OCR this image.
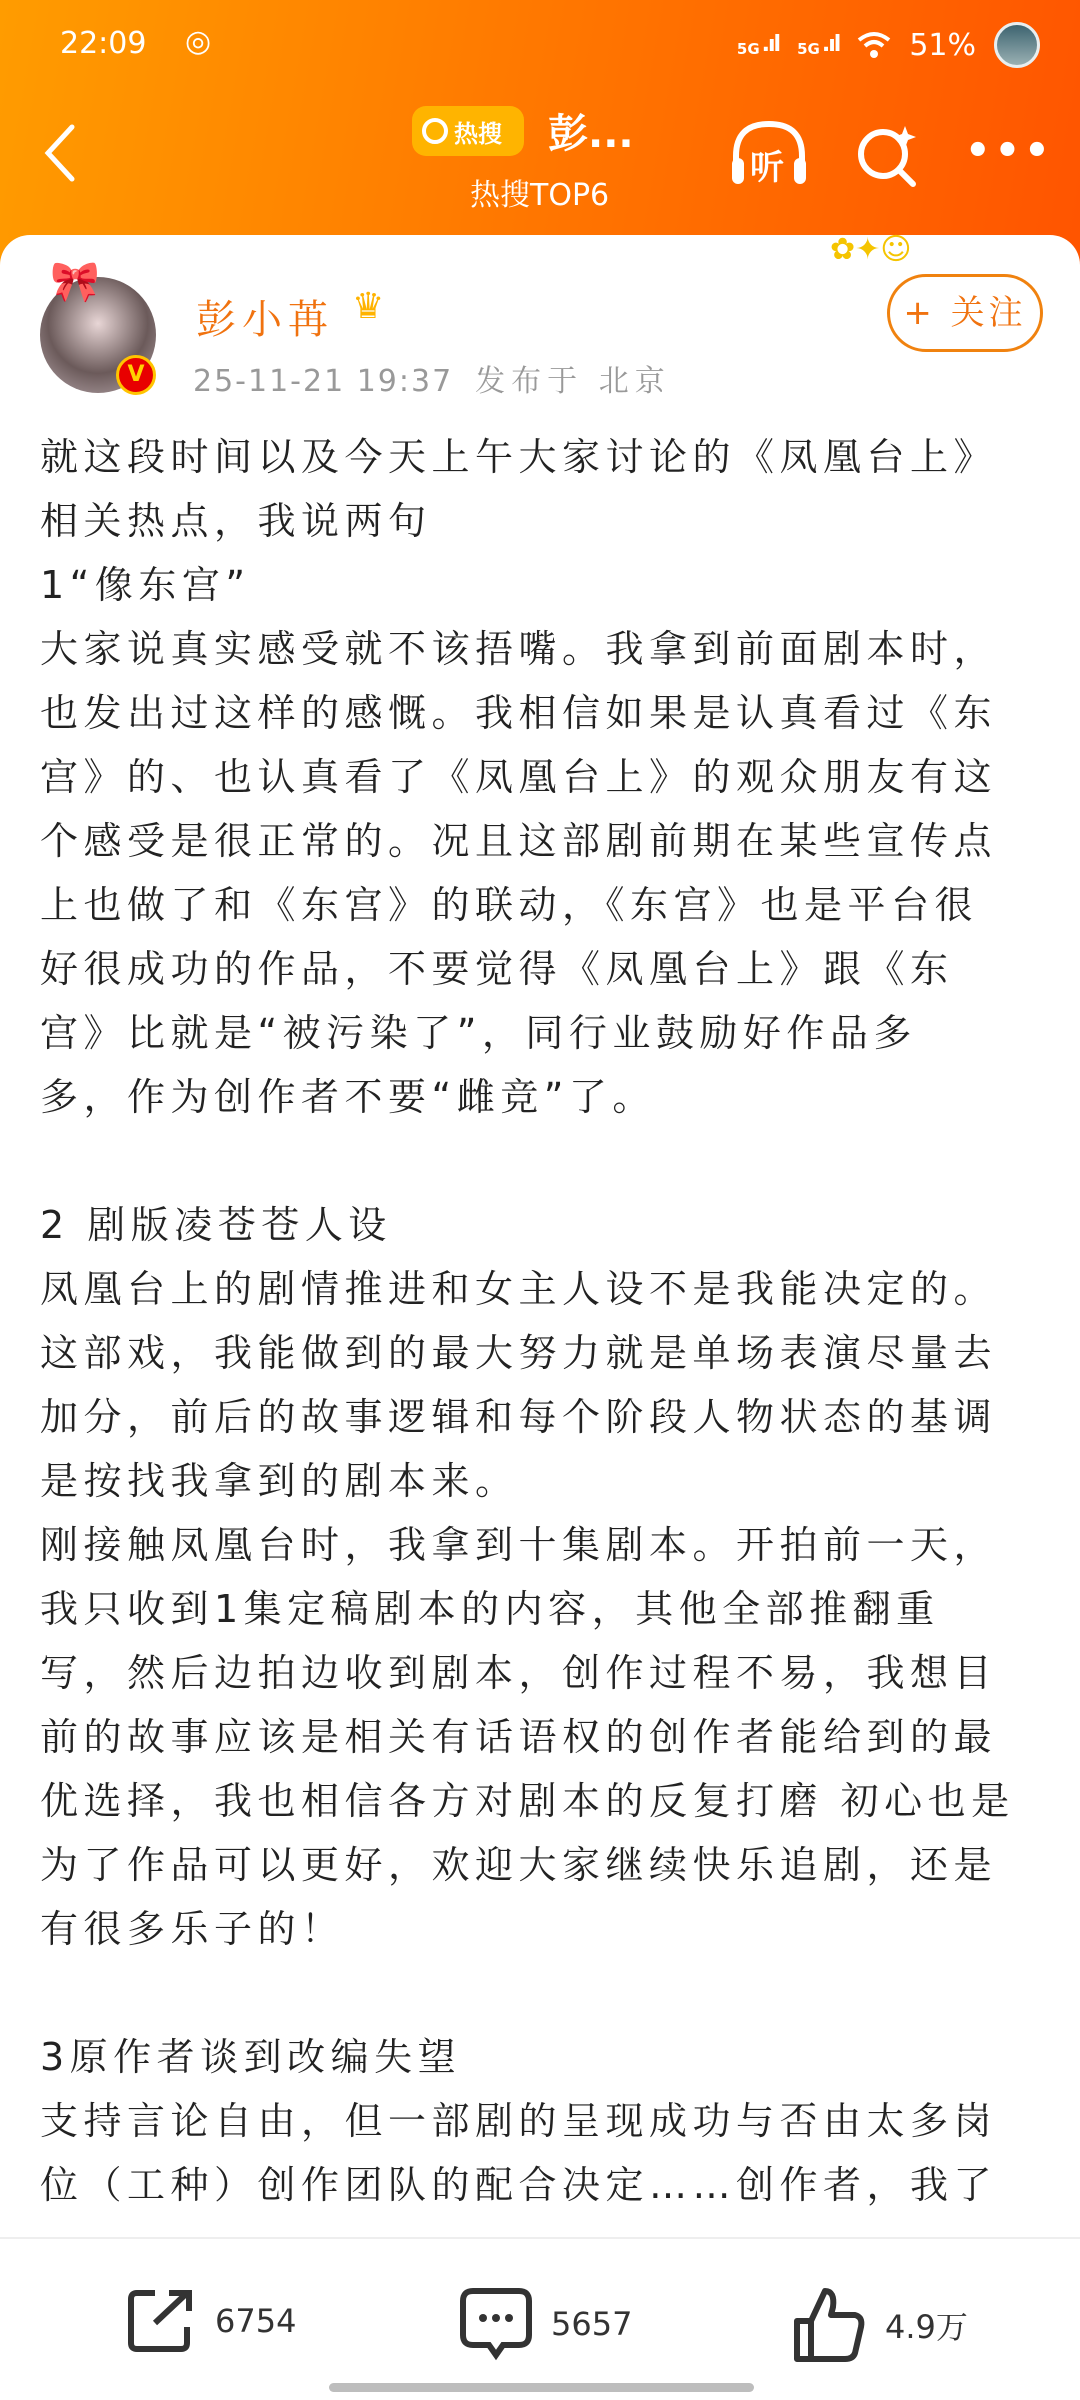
22:09 ◎	5G .ıl 5G .ıl 51%
热搜 彭...
热搜TOP6
听	•••
✿✦☺
🎀
V
彭小苒 ♛
25-11-21 19:37 发布于 北京
+ 关注
就这段时间以及今天上午大家讨论的《凤凰台上》
相关热点，我说两句
1“像东宫”
大家说真实感受就不该捂嘴。我拿到前面剧本时，
也发出过这样的感慨。我相信如果是认真看过《东
宫》的、也认真看了《凤凰台上》的观众朋友有这
个感受是很正常的。况且这部剧前期在某些宣传点
上也做了和《东宫》的联动，《东宫》也是平台很
好很成功的作品，不要觉得《凤凰台上》跟《东
宫》比就是“被污染了”，同行业鼓励好作品多
多，作为创作者不要“雌竞”了。
2 剧版凌苍苍人设
凤凰台上的剧情推进和女主人设不是我能决定的。
这部戏，我能做到的最大努力就是单场表演尽量去
加分，前后的故事逻辑和每个阶段人物状态的基调
是按找我拿到的剧本来。
刚接触凤凰台时，我拿到十集剧本。开拍前一天，
我只收到1集定稿剧本的内容，其他全部推翻重
写，然后边拍边收到剧本，创作过程不易，我想目
前的故事应该是相关有话语权的创作者能给到的最
优选择，我也相信各方对剧本的反复打磨 初心也是
为了作品可以更好，欢迎大家继续快乐追剧，还是
有很多乐子的！
3原作者谈到改编失望
支持言论自由，但一部剧的呈现成功与否由太多岗
位（工种）创作团队的配合决定……创作者，我了
6754	5657	4.9万
